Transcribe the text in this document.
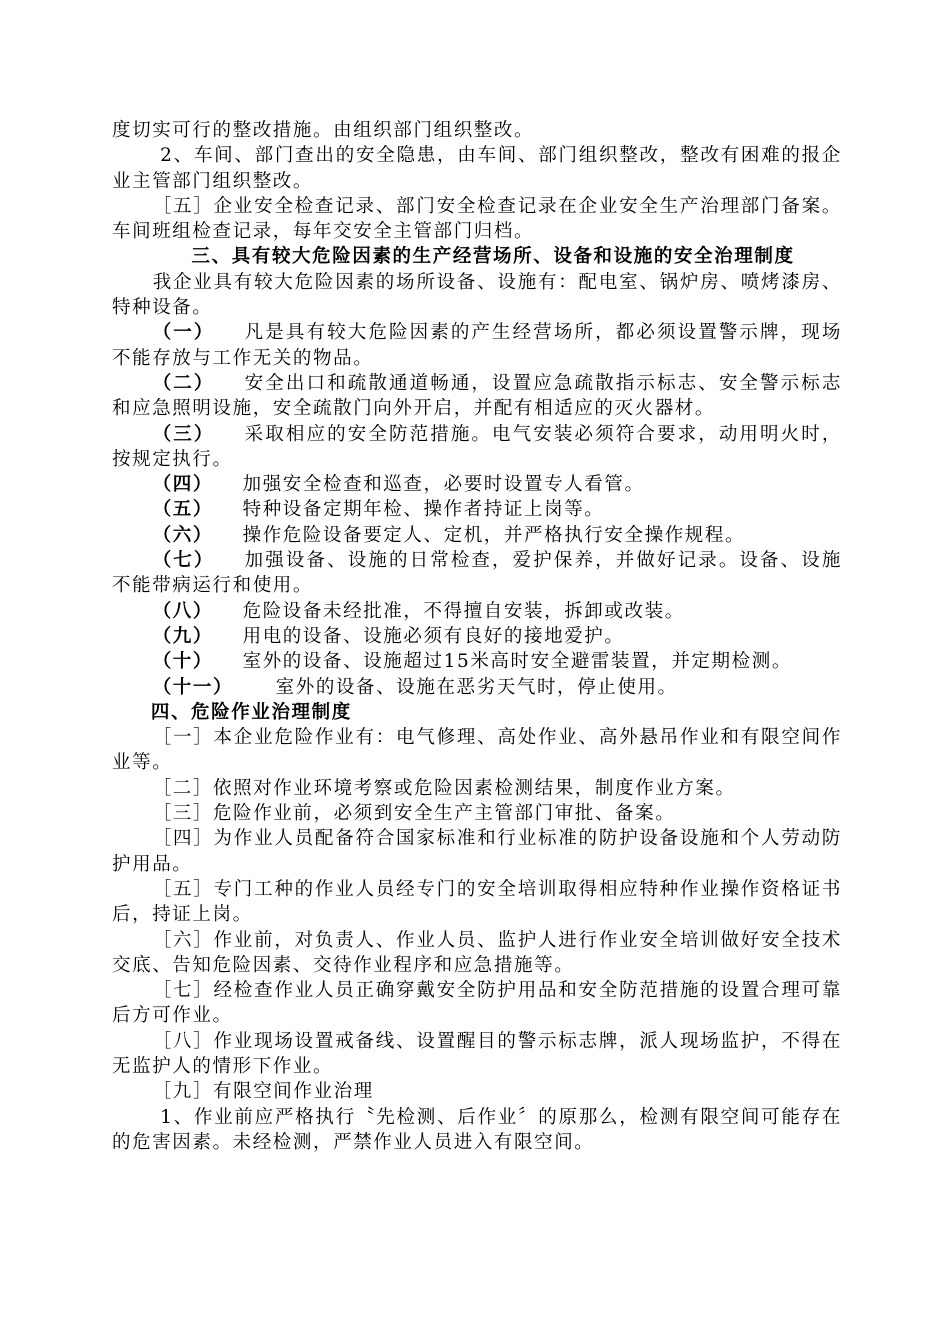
度切实可行的整改措施。由组织部门组织整改。

2、车间、部门查出的安全隐患，由车间、部门组织整改，整改有困难的报企业主管部门组织整改。

［五］企业安全检查记录、部门安全检查记录在企业安全生产治理部门备案。车间班组检查记录，每年交安全主管部门归档。

三、具有较大危险因素的生产经营场所、设备和设施的安全治理制度

我企业具有较大危险因素的场所设备、设施有：配电室、锅炉房、喷烤漆房、特种设备。

（一） 凡是具有较大危险因素的产生经营场所，都必须设置警示牌，现场不能存放与工作无关的物品。

（二） 安全出口和疏散通道畅通，设置应急疏散指示标志、安全警示标志和应急照明设施，安全疏散门向外开启，并配有相适应的灭火器材。

（三） 采取相应的安全防范措施。电气安装必须符合要求，动用明火时，按规定执行。

（四） 加强安全检查和巡查，必要时设置专人看管。

（五） 特种设备定期年检、操作者持证上岗等。

（六） 操作危险设备要定人、定机，并严格执行安全操作规程。

（七） 加强设备、设施的日常检查，爱护保养，并做好记录。设备、设施不能带病运行和使用。

（八） 危险设备未经批准，不得擅自安装，拆卸或改装。

（九） 用电的设备、设施必须有良好的接地爱护。

（十） 室外的设备、设施超过15米高时安全避雷装置，并定期检测。

（十一） 室外的设备、设施在恶劣天气时，停止使用。

四、危险作业治理制度

［一］本企业危险作业有：电气修理、高处作业、高外悬吊作业和有限空间作业等。

［二］依照对作业环境考察或危险因素检测结果，制度作业方案。

［三］危险作业前，必须到安全生产主管部门审批、备案。

［四］为作业人员配备符合国家标准和行业标准的防护设备设施和个人劳动防护用品。

［五］专门工种的作业人员经专门的安全培训取得相应特种作业操作资格证书后，持证上岗。

［六］作业前，对负责人、作业人员、监护人进行作业安全培训做好安全技术交底、告知危险因素、交待作业程序和应急措施等。

［七］经检查作业人员正确穿戴安全防护用品和安全防范措施的设置合理可靠后方可作业。

［八］作业现场设置戒备线、设置醒目的警示标志牌，派人现场监护，不得在无监护人的情形下作业。

［九］有限空间作业治理

1、作业前应严格执行〝先检测、后作业〞的原那么，检测有限空间可能存在的危害因素。未经检测，严禁作业人员进入有限空间。
